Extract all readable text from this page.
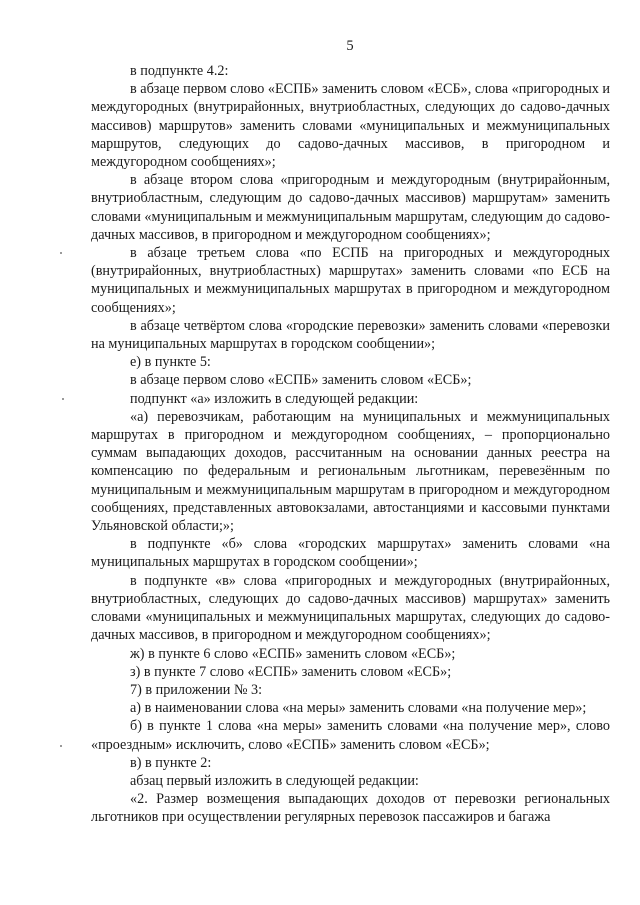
5

в подпункте 4.2:

в абзаце первом слово «ЕСПБ» заменить словом «ЕСБ», слова «пригородных и междугородных (внутрирайонных, внутриобластных, следующих до садово-дачных массивов) маршрутов» заменить словами «муниципальных и межмуниципальных маршрутов, следующих до садово-дачных массивов, в пригородном и междугородном сообщениях»;

в абзаце втором слова «пригородным и междугородным (внутрирайонным, внутриобластным, следующим до садово-дачных массивов) маршрутам» заменить словами «муниципальным и межмуниципальным маршрутам, следующим до садово-дачных массивов, в пригородном и междугородном сообщениях»;

в абзаце третьем слова «по ЕСПБ на пригородных и междугородных (внутрирайонных, внутриобластных) маршрутах» заменить словами «по ЕСБ на муниципальных и межмуниципальных маршрутах в пригородном и междугородном сообщениях»;

в абзаце четвёртом слова «городские перевозки» заменить словами «перевозки на муниципальных маршрутах в городском сообщении»;

е) в пункте 5:

в абзаце первом слово «ЕСПБ» заменить словом «ЕСБ»;

подпункт «а» изложить в следующей редакции:

«а) перевозчикам, работающим на муниципальных и межмуниципальных маршрутах в пригородном и междугородном сообщениях, – пропорционально суммам выпадающих доходов, рассчитанным на основании данных реестра на компенсацию по федеральным и региональным льготникам, перевезённым по муниципальным и межмуниципальным маршрутам в пригородном и междугородном сообщениях, представленных автовокзалами, автостанциями и кассовыми пунктами Ульяновской области;»;

в подпункте «б» слова «городских маршрутах» заменить словами «на муниципальных маршрутах в городском сообщении»;

в подпункте «в» слова «пригородных и междугородных (внутрирайонных, внутриобластных, следующих до садово-дачных массивов) маршрутах» заменить словами «муниципальных и межмуниципальных маршрутах, следующих до садово-дачных массивов, в пригородном и междугородном сообщениях»;

ж) в пункте 6 слово «ЕСПБ» заменить словом «ЕСБ»;

з) в пункте 7 слово «ЕСПБ» заменить словом «ЕСБ»;

7) в приложении № 3:

а) в наименовании слова «на меры» заменить словами «на получение мер»;

б) в пункте 1 слова «на меры» заменить словами «на получение мер», слово «проездным» исключить, слово «ЕСПБ» заменить словом «ЕСБ»;

в) в пункте 2:

абзац первый изложить в следующей редакции:

«2. Размер возмещения выпадающих доходов от перевозки региональных льготников при осуществлении регулярных перевозок пассажиров и багажа
